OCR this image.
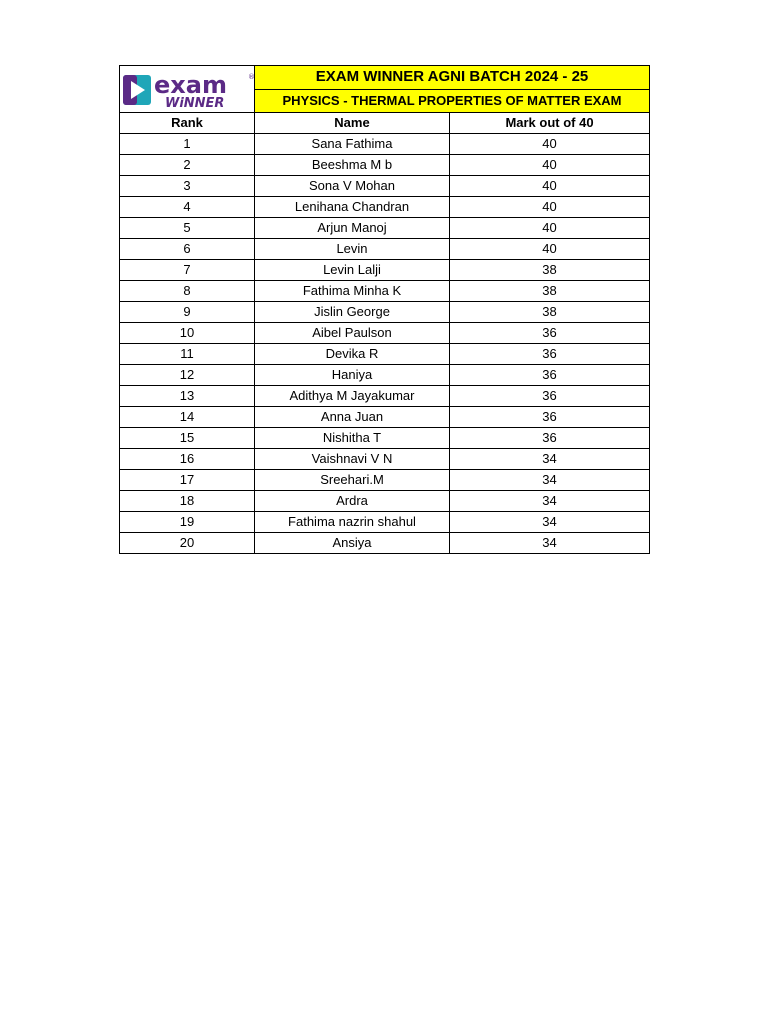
exam ®
WiNNER	EXAM WINNER AGNI BATCH 2024 - 25	
	PHYSICS - THERMAL PROPERTIES OF MATTER EXAM	
Rank	Name	Mark out of 40
1	Sana Fathima	40
2	Beeshma M b	40
3	Sona V Mohan	40
4	Lenihana Chandran	40
5	Arjun Manoj	40
6	Levin	40
7	Levin Lalji	38
8	Fathima Minha K	38
9	Jislin George	38
10	Aibel Paulson	36
11	Devika R	36
12	Haniya	36
13	Adithya M Jayakumar	36
14	Anna Juan	36
15	Nishitha T	36
16	Vaishnavi V N	34
17	Sreehari.M	34
18	Ardra	34
19	Fathima nazrin shahul	34
20	Ansiya	34
